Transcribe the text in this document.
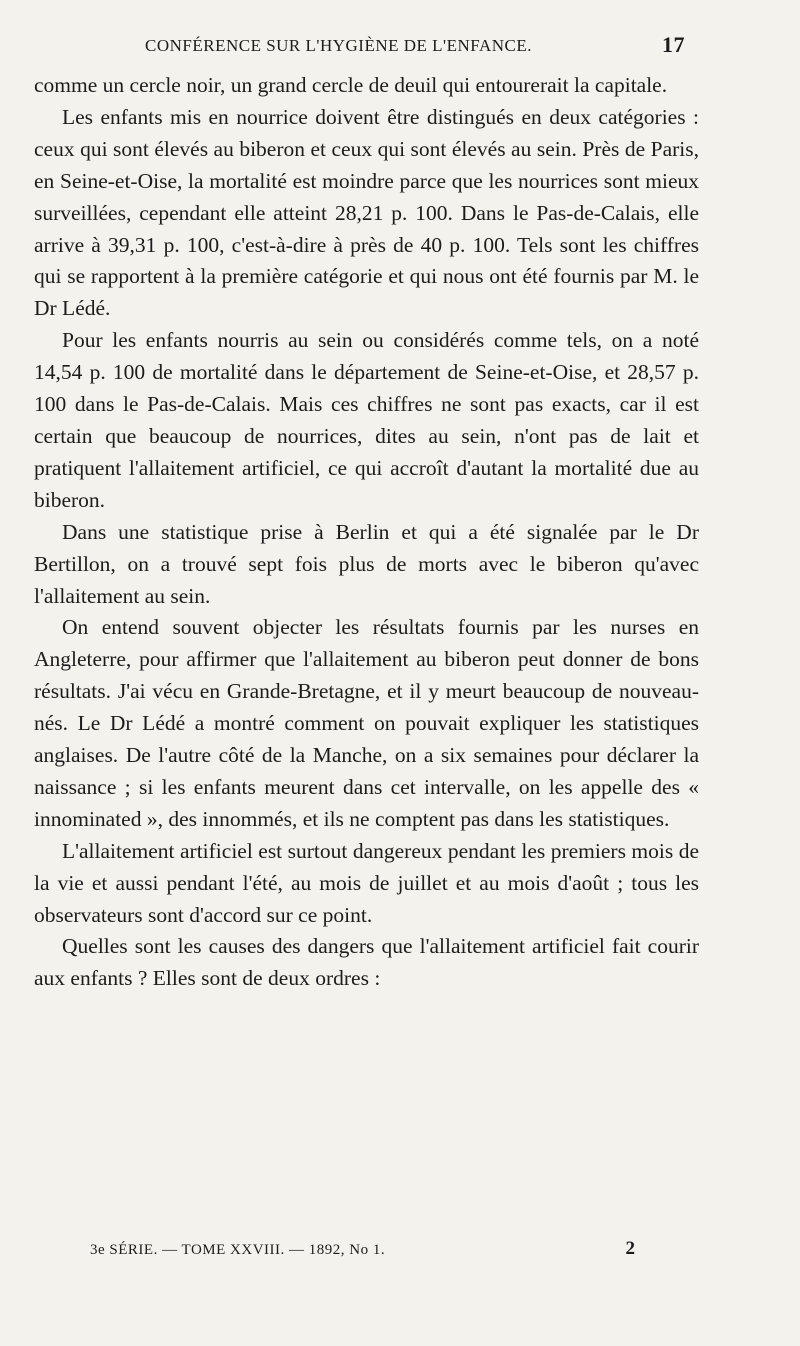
CONFÉRENCE SUR L'HYGIÈNE DE L'ENFANCE.	17

comme un cercle noir, un grand cercle de deuil qui entourerait la capitale.

Les enfants mis en nourrice doivent être distingués en deux catégories : ceux qui sont élevés au biberon et ceux qui sont élevés au sein. Près de Paris, en Seine-et-Oise, la mortalité est moindre parce que les nourrices sont mieux surveillées, cependant elle atteint 28,21 p. 100. Dans le Pas-de-Calais, elle arrive à 39,31 p. 100, c'est-à-dire à près de 40 p. 100. Tels sont les chiffres qui se rapportent à la première catégorie et qui nous ont été fournis par M. le Dr Lédé.

Pour les enfants nourris au sein ou considérés comme tels, on a noté 14,54 p. 100 de mortalité dans le département de Seine-et-Oise, et 28,57 p. 100 dans le Pas-de-Calais. Mais ces chiffres ne sont pas exacts, car il est certain que beaucoup de nourrices, dites au sein, n'ont pas de lait et pratiquent l'allaitement artificiel, ce qui accroît d'autant la mortalité due au biberon.

Dans une statistique prise à Berlin et qui a été signalée par le Dr Bertillon, on a trouvé sept fois plus de morts avec le biberon qu'avec l'allaitement au sein.

On entend souvent objecter les résultats fournis par les nurses en Angleterre, pour affirmer que l'allaitement au biberon peut donner de bons résultats. J'ai vécu en Grande-Bretagne, et il y meurt beaucoup de nouveau-nés. Le Dr Lédé a montré comment on pouvait expliquer les statistiques anglaises. De l'autre côté de la Manche, on a six semaines pour déclarer la naissance ; si les enfants meurent dans cet intervalle, on les appelle des « innominated », des innommés, et ils ne comptent pas dans les statistiques.

L'allaitement artificiel est surtout dangereux pendant les premiers mois de la vie et aussi pendant l'été, au mois de juillet et au mois d'août ; tous les observateurs sont d'accord sur ce point.

Quelles sont les causes des dangers que l'allaitement artificiel fait courir aux enfants ? Elles sont de deux ordres :

3e SÉRIE. — TOME XXVIII. — 1892, No 1.	2
